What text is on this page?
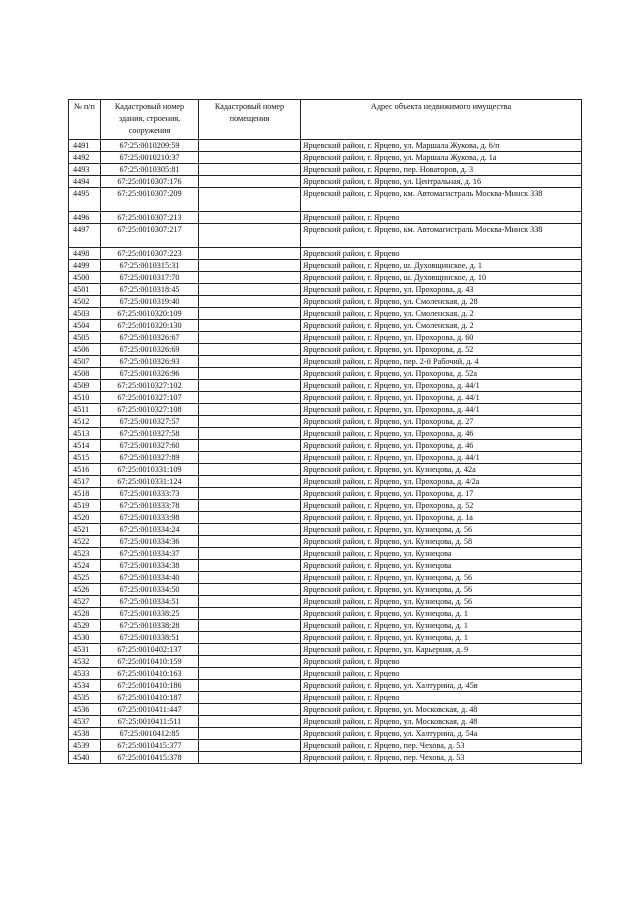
№ п/п	Кадастровый номер здания, строения, сооружения	Кадастровый номер помещения	Адрес объекта недвижимого имущества
4491	67:25:0010209:59		Ярцевский район, г. Ярцево, ул. Маршала Жукова, д. 6/п
4492	67:25:0010210:37		Ярцевский район, г. Ярцево, ул. Маршала Жукова, д. 1а
4493	67:25:0010305:81		Ярцевский район, г. Ярцево, пер. Новаторов, д. 3
4494	67:25:0010307:176		Ярцевский район, г. Ярцево, ул. Центральная, д. 16
4495	67:25:0010307:209		Ярцевский район, г. Ярцево, км. Автомагистраль Москва-Минск 338
4496	67:25:0010307:213		Ярцевский район, г. Ярцево
4497	67:25:0010307:217		Ярцевский район, г. Ярцево, км. Автомагистраль Москва-Минск 338
4498	67:25:0010307:223		Ярцевский район, г. Ярцево
4499	67:25:0010315:31		Ярцевский район, г. Ярцево, ш. Духовщинское, д. 1
4500	67:25:0010317:70		Ярцевский район, г. Ярцево, ш. Духовщинское, д. 10
4501	67:25:0010318:45		Ярцевский район, г. Ярцево, ул. Прохорова, д. 43
4502	67:25:0010319:40		Ярцевский район, г. Ярцево, ул. Смоленская, д. 28
4503	67:25:0010320:109		Ярцевский район, г. Ярцево, ул. Смоленская, д. 2
4504	67:25:0010320:130		Ярцевский район, г. Ярцево, ул. Смоленская, д. 2
4505	67:25:0010326:67		Ярцевский район, г. Ярцево, ул. Прохорова, д. 60
4506	67:25:0010326:69		Ярцевский район, г. Ярцево, ул. Прохорова, д. 52
4507	67:25:0010326:93		Ярцевский район, г. Ярцево, пер. 2-й Рабочий, д. 4
4508	67:25:0010326:96		Ярцевский район, г. Ярцево, ул. Прохорова, д. 52а
4509	67:25:0010327:102		Ярцевский район, г. Ярцево, ул. Прохорова, д. 44/1
4510	67:25:0010327:107		Ярцевский район, г. Ярцево, ул. Прохорова, д. 44/1
4511	67:25:0010327:108		Ярцевский район, г. Ярцево, ул. Прохорова, д. 44/1
4512	67:25:0010327:57		Ярцевский район, г. Ярцево, ул. Прохорова, д. 27
4513	67:25:0010327:58		Ярцевский район, г. Ярцево, ул. Прохорова, д. 46
4514	67:25:0010327:60		Ярцевский район, г. Ярцево, ул. Прохорова, д. 46
4515	67:25:0010327:89		Ярцевский район, г. Ярцево, ул. Прохорова, д. 44/1
4516	67:25:0010331:109		Ярцевский район, г. Ярцево, ул. Кузнецова, д. 42а
4517	67:25:0010331:124		Ярцевский район, г. Ярцево, ул. Прохорова, д. 4/2а
4518	67:25:0010333:73		Ярцевский район, г. Ярцево, ул. Прохорова, д. 17
4519	67:25:0010333:78		Ярцевский район, г. Ярцево, ул. Прохорова, д. 52
4520	67:25:0010333:98		Ярцевский район, г. Ярцево, ул. Прохорова, д. 1а
4521	67:25:0010334:24		Ярцевский район, г. Ярцево, ул. Кузнецова, д. 56
4522	67:25:0010334:36		Ярцевский район, г. Ярцево, ул. Кузнецова, д. 58
4523	67:25:0010334:37		Ярцевский район, г. Ярцево, ул. Кузнецова
4524	67:25:0010334:38		Ярцевский район, г. Ярцево, ул. Кузнецова
4525	67:25:0010334:40		Ярцевский район, г. Ярцево, ул. Кузнецова, д. 56
4526	67:25:0010334:50		Ярцевский район, г. Ярцево, ул. Кузнецова, д. 56
4527	67:25:0010334:51		Ярцевский район, г. Ярцево, ул. Кузнецова, д. 56
4528	67:25:0010338:25		Ярцевский район, г. Ярцево, ул. Кузнецова, д. 1
4529	67:25:0010338:28		Ярцевский район, г. Ярцево, ул. Кузнецова, д. 1
4530	67:25:0010338:51		Ярцевский район, г. Ярцево, ул. Кузнецова, д. 1
4531	67:25:0010402:137		Ярцевский район, г. Ярцево, ул. Карьерная, д. 9
4532	67:25:0010410:159		Ярцевский район, г. Ярцево
4533	67:25:0010410:163		Ярцевский район, г. Ярцево
4534	67:25:0010410:186		Ярцевский район, г. Ярцево, ул. Халтурина, д. 45в
4535	67:25:0010410:187		Ярцевский район, г. Ярцево
4536	67:25:0010411:447		Ярцевский район, г. Ярцево, ул. Московская, д. 48
4537	67:25:0010411:511		Ярцевский район, г. Ярцево, ул. Московская, д. 48
4538	67:25:0010412:85		Ярцевский район, г. Ярцево, ул. Халтурина, д. 54а
4539	67:25:0010415:377		Ярцевский район, г. Ярцево, пер. Чехова, д. 53
4540	67:25:0010415:378		Ярцевский район, г. Ярцево, пер. Чехова, д. 53
